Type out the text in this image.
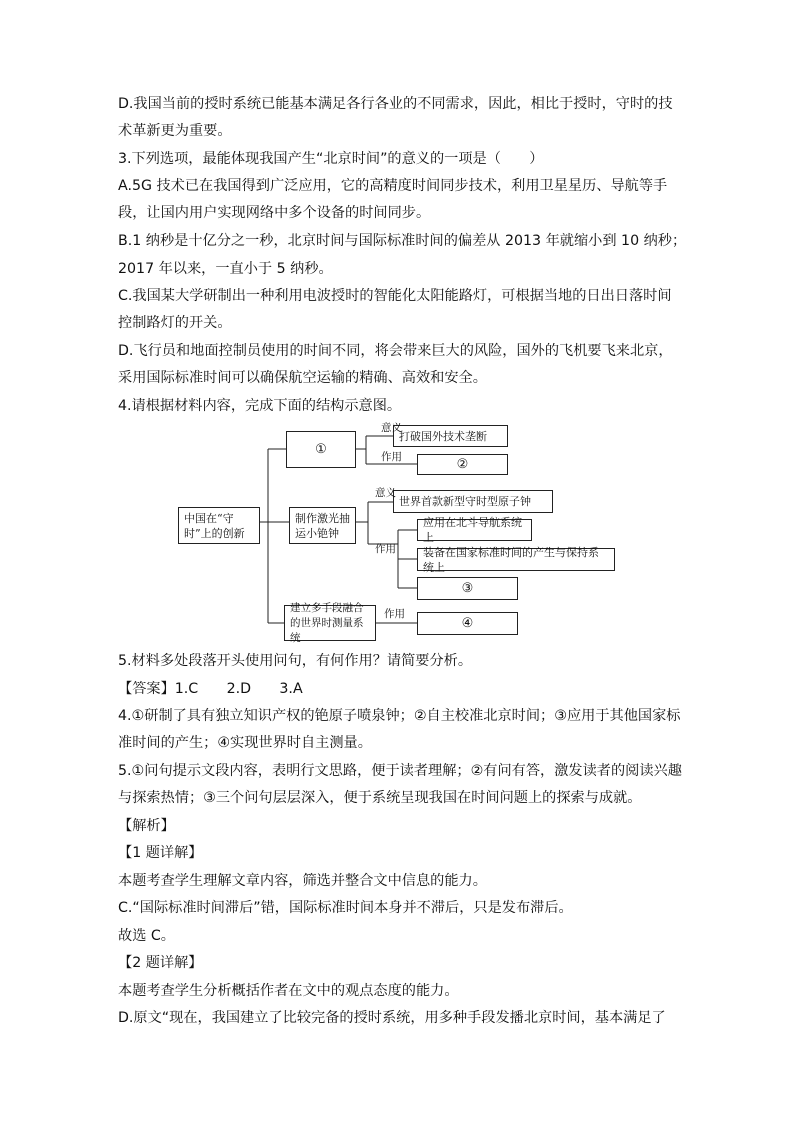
D.我国当前的授时系统已能基本满足各行各业的不同需求，因此，相比于授时，守时的技
术革新更为重要。
3.下列选项，最能体现我国产生“北京时间”的意义的一项是（　　）
A.5G 技术已在我国得到广泛应用，它的高精度时间同步技术，利用卫星星历、导航等手
段，让国内用户实现网络中多个设备的时间同步。
B.1 纳秒是十亿分之一秒，北京时间与国际标准时间的偏差从 2013 年就缩小到 10 纳秒；
2017 年以来，一直小于 5 纳秒。
C.我国某大学研制出一种利用电波授时的智能化太阳能路灯，可根据当地的日出日落时间
控制路灯的开关。
D.飞行员和地面控制员使用的时间不同，将会带来巨大的风险，国外的飞机要飞来北京，
采用国际标准时间可以确保航空运输的精确、高效和安全。
4.请根据材料内容，完成下面的结构示意图。
中国在“守时”上的创新
①
制作激光抽运小铯钟
建立多手段融合的世界时测量系统
打破国外技术垄断
②
世界首款新型守时型原子钟
应用在北斗导航系统上
装备在国家标准时间的产生与保持系统上
③
④
意义
作用
意义
作用
作用
5.材料多处段落开头使用问句，有何作用？请简要分析。
【答案】1.C　　2.D　　3.A
4.①研制了具有独立知识产权的铯原子喷泉钟；②自主校准北京时间；③应用于其他国家标
准时间的产生；④实现世界时自主测量。
5.①问句提示文段内容，表明行文思路，便于读者理解；②有问有答，激发读者的阅读兴趣
与探索热情；③三个问句层层深入，便于系统呈现我国在时间问题上的探索与成就。
【解析】
【1 题详解】
本题考查学生理解文章内容，筛选并整合文中信息的能力。
C.“国际标准时间滞后”错，国际标准时间本身并不滞后，只是发布滞后。
故选 C。
【2 题详解】
本题考查学生分析概括作者在文中的观点态度的能力。
D.原文“现在，我国建立了比较完备的授时系统，用多种手段发播北京时间，基本满足了
